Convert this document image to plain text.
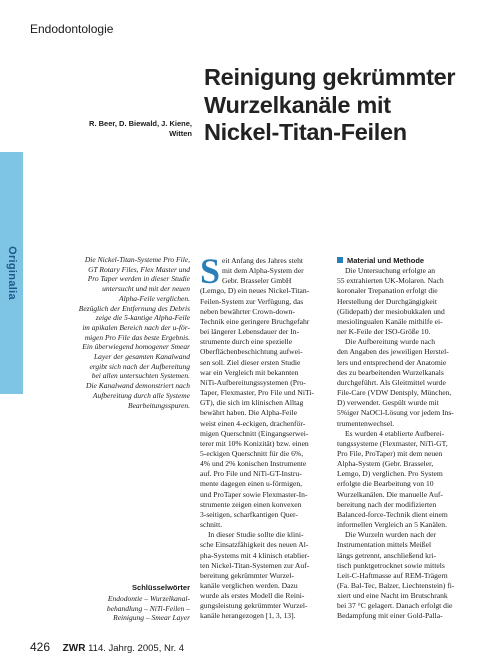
Endodontologie
Reinigung gekrümmter
Wurzelkanäle mit
Nickel-Titan-Feilen
R. Beer, D. Biewald, J. Kiene,
Witten
Originalia	Die Nickel-Titan-Systeme Pro File,
GT Rotary Files, Flex Master und
Pro Taper werden in dieser Studie
untersucht und mit der neuen
Alpha-Feile verglichen.
Bezüglich der Entfernung des Debris
zeige die 5-kantige Alpha-Feile
im apikalen Bereich nach der u-för-
migen Pro File das beste Ergebnis.
Ein überwiegend homogener Smear
Layer der gesamten Kanalwand
ergibt sich nach der Aufbereitung
bei allen untersuchten Systemen.
Die Kanalwand demonstriert nach
Aufbereitung durch alle Systeme
Bearbeitungsspuren.
Schlüsselwörter
Endodontie – Wurzelkanal-
behandlung – NiTi-Feilen –
Reinigung – Smear Layer
S eit Anfang des Jahres steht
mit dem Alpha-System der
Gebr. Brasseler GmbH
(Lemgo, D) ein neues Nickel-Titan-
Feilen-System zur Verfügung, das
neben bewährter Crown-down-
Technik eine geringere Bruchgefahr
bei längerer Lebensdauer der In-
strumente durch eine spezielle
Oberflächenbeschichtung aufwei-
sen soll. Ziel dieser ersten Studie
war ein Vergleich mit bekannten
NiTi-Aufbereitungssystemen (Pro-
Taper, Flexmaster, Pro File und NiTi-
GT), die sich im klinischen Alltag
bewährt haben. Die Alpha-Feile
weist einen 4-eckigen, drachenför-
migen Querschnitt (Eingangserwei-
terer mit 10% Konizität) bzw. einen
5-eckigen Querschnitt für die 6%,
4% und 2% konischen Instrumente
auf. Pro File und NiTi-GT-Instru-
mente dagegen einen u-förmigen,
und ProTaper sowie Flexmaster-In-
strumente zeigen einen konvexen
3-seitigen, scharfkantigen Quer-
schnitt.
In dieser Studie sollte die klini-
sche Einsatzfähigkeit des neuen Al-
pha-Systems mit 4 klinisch etablier-
ten Nickel-Titan-Systemen zur Auf-
bereitung gekrümmter Wurzel-
kanäle verglichen werden. Dazu
wurde als erstes Modell die Reini-
gungsleistung gekrümmter Wurzel-
kanäle herangezogen [1, 3, 13].
Material und Methode
Die Untersuchung erfolgte an
55 extrahierten UK-Molaren. Nach
koronaler Trepanation erfolgt die
Herstellung der Durchgängigkeit
(Glidepath) der mesiobukkalen und
mesiolingualen Kanäle mithilfe ei-
ner K-Feile der ISO-Größe 10.
Die Aufbereitung wurde nach
den Angaben des jeweiligen Herstel-
lers und entsprechend der Anatomie
des zu bearbeitenden Wurzelkanals
durchgeführt. Als Gleitmittel wurde
File-Care (VDW Dentsply, München,
D) verwendet. Gespült wurde mit
5%iger NaOCl-Lösung vor jedem Ins-
trumentenwechsel.
Es wurden 4 etablierte Aufberei-
tungssysteme (Flexmaster, NiTi-GT,
Pro File, ProTaper) mit dem neuen
Alpha-System (Gebr. Brasseler,
Lemgo, D) verglichen. Pro System
erfolgte die Bearbeitung von 10
Wurzelkanälen. Die manuelle Auf-
bereitung nach der modifizierten
Balanced-force-Technik dient einem
informellen Vergleich an 5 Kanälen.
Die Wurzeln wurden nach der
Instrumentation mittels Meißel
längs getrennt, anschließend kri-
tisch punktgetrocknet sowie mittels
Leit-C-Haftmasse auf REM-Trägern
(Fa. Bal-Tec, Balzer, Liechtenstein) fi-
xiert und eine Nacht im Brutschrank
bei 37 °C gelagert. Danach erfolgt die
Bedampfung mit einer Gold-Palla-
426 ZWR 114. Jahrg. 2005, Nr. 4
